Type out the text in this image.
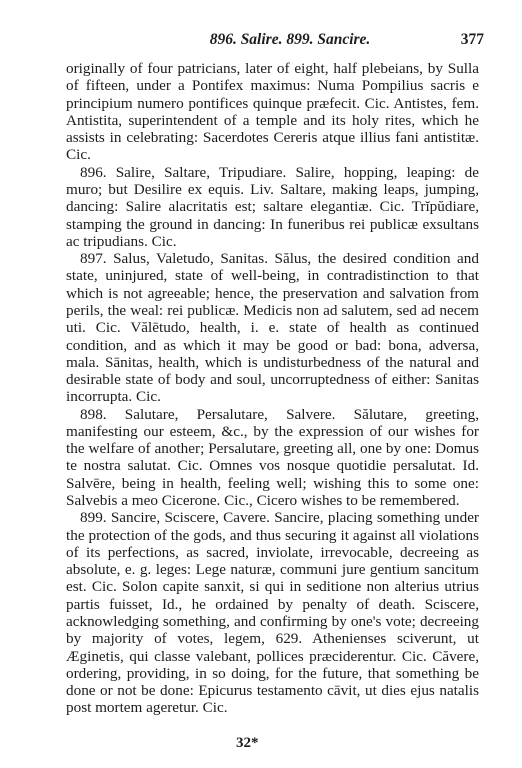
896. Salire. 899. Sancire.	377

originally of four patricians, later of eight, half plebeians, by Sulla of fifteen, under a Pontifex maximus: Numa Pompilius sacris e principium numero pontifices quinque præfecit. Cic. Antistes, fem. Antistita, superintendent of a temple and its holy rites, which he assists in celebrating: Sacerdotes Cereris atque illius fani antistitæ. Cic.

896. Salire, Saltare, Tripudiare. Salire, hopping, leaping: de muro; but Desilire ex equis. Liv. Saltare, making leaps, jumping, dancing: Salire alacritatis est; saltare elegantiæ. Cic. Trĭpŭdiare, stamping the ground in dancing: In funeribus rei publicæ exsultans ac tripudians. Cic.

897. Salus, Valetudo, Sanitas. Sălus, the desired condition and state, uninjured, state of well-being, in contradistinction to that which is not agreeable; hence, the preservation and salvation from perils, the weal: rei publicæ. Medicis non ad salutem, sed ad necem uti. Cic. Vălētudo, health, i. e. state of health as continued condition, and as which it may be good or bad: bona, adversa, mala. Sānitas, health, which is undisturbedness of the natural and desirable state of body and soul, uncorruptedness of either: Sanitas incorrupta. Cic.

898. Salutare, Persalutare, Salvere. Sălutare, greeting, manifesting our esteem, &c., by the expression of our wishes for the welfare of another; Persalutare, greeting all, one by one: Domus te nostra salutat. Cic. Omnes vos nosque quotidie persalutat. Id. Salvēre, being in health, feeling well; wishing this to some one: Salvebis a meo Cicerone. Cic., Cicero wishes to be remembered.

899. Sancire, Sciscere, Cavere. Sancire, placing something under the protection of the gods, and thus securing it against all violations of its perfections, as sacred, inviolate, irrevocable, decreeing as absolute, e. g. leges: Lege naturæ, communi jure gentium sancitum est. Cic. Solon capite sanxit, si qui in seditione non alterius utrius partis fuisset, Id., he ordained by penalty of death. Sciscere, acknowledging something, and confirming by one's vote; decreeing by majority of votes, legem, 629. Athenienses sciverunt, ut Æginetis, qui classe valebant, pollices præciderentur. Cic. Căvere, ordering, providing, in so doing, for the future, that something be done or not be done: Epicurus testamento cāvit, ut dies ejus natalis post mortem ageretur. Cic.

32*
